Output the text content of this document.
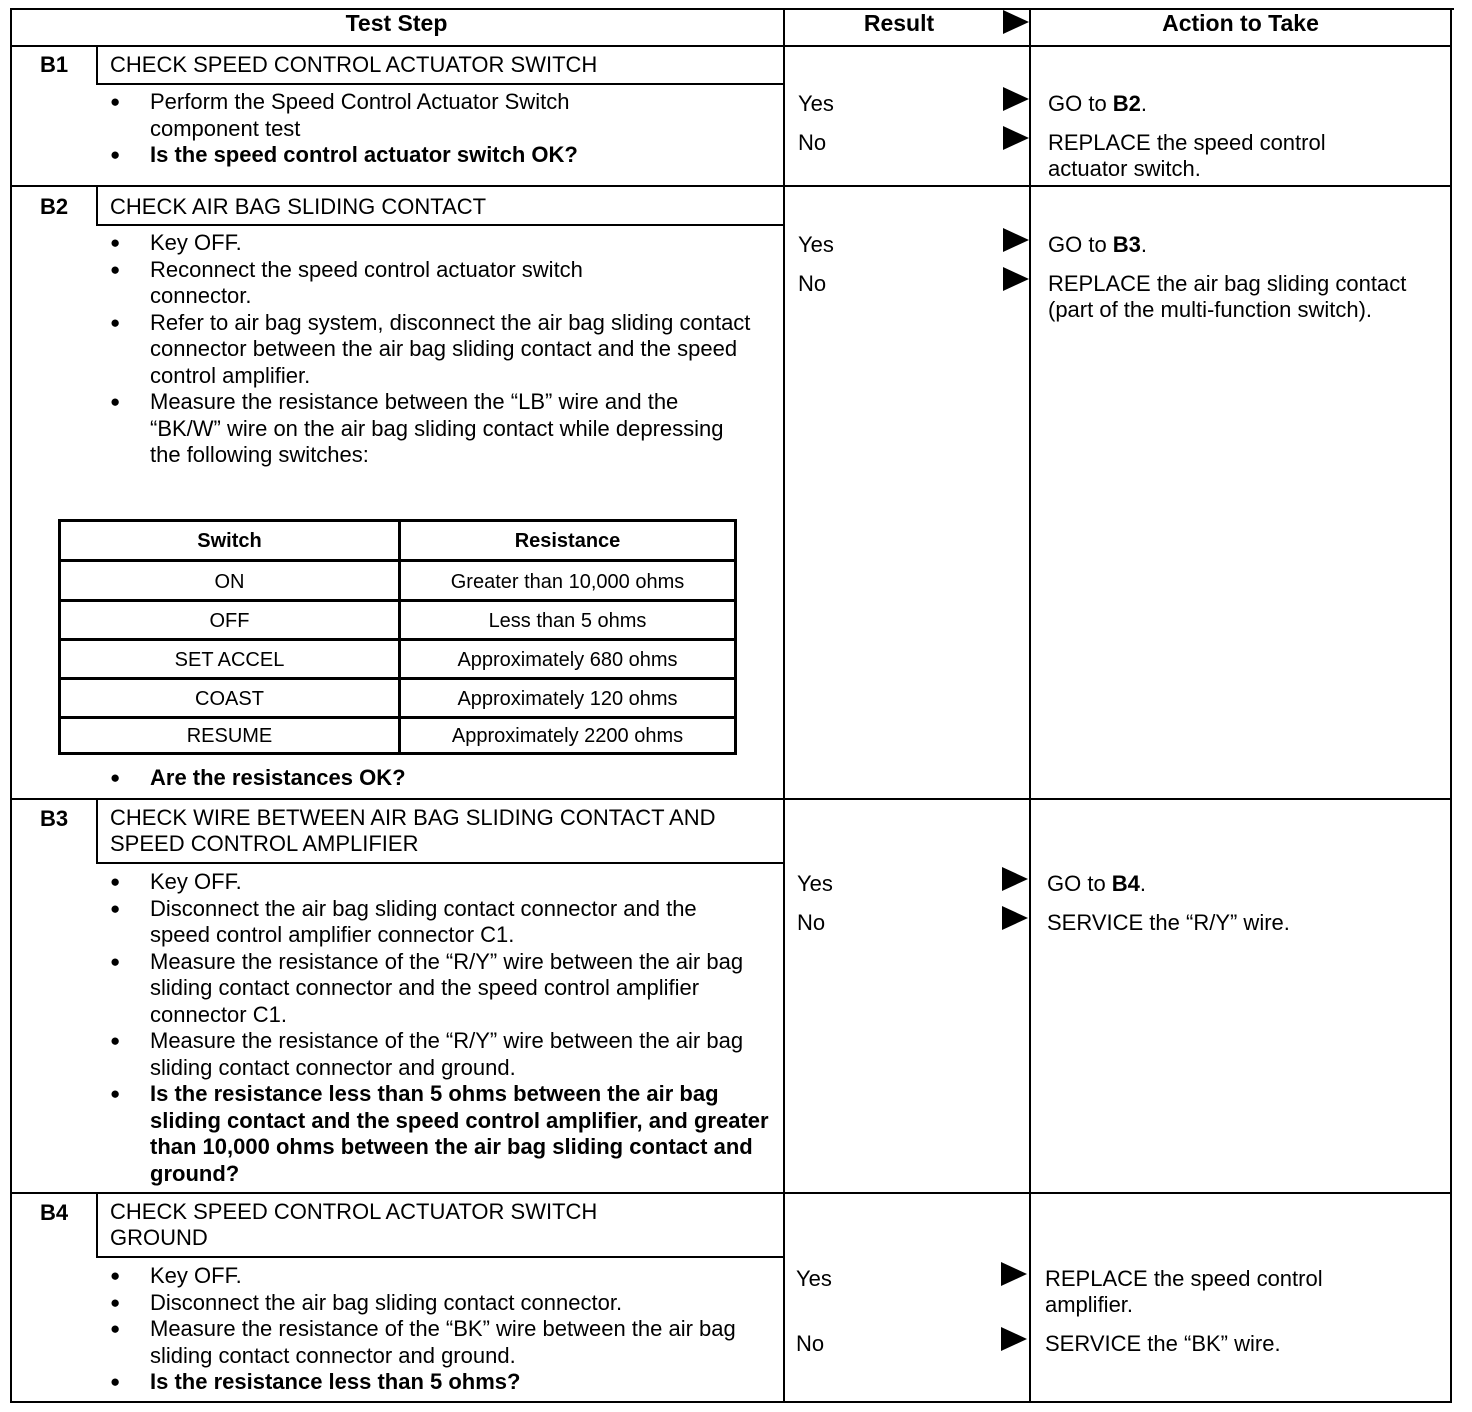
Test Step	Result	Action to Take
B1	CHECK SPEED CONTROL ACTUATOR SWITCH
● Perform the Speed Control Actuator Switch component test
● Is the speed control actuator switch OK?
Yes	GO to B2.
No	REPLACE the speed control actuator switch.
B2	CHECK AIR BAG SLIDING CONTACT
● Key OFF.
● Reconnect the speed control actuator switch connector.
● Refer to air bag system, disconnect the air bag sliding contact connector between the air bag sliding contact and the speed control amplifier.
● Measure the resistance between the “LB” wire and the “BK/W” wire on the air bag sliding contact while depressing the following switches:
Switch	Resistance
ON	Greater than 10,000 ohms
OFF	Less than 5 ohms
SET ACCEL	Approximately 680 ohms
COAST	Approximately 120 ohms
RESUME	Approximately 2200 ohms
● Are the resistances OK?
Yes	GO to B3.
No	REPLACE the air bag sliding contact (part of the multi-function switch).
B3	CHECK WIRE BETWEEN AIR BAG SLIDING CONTACT AND SPEED CONTROL AMPLIFIER
● Key OFF.
● Disconnect the air bag sliding contact connector and the speed control amplifier connector C1.
● Measure the resistance of the “R/Y” wire between the air bag sliding contact connector and the speed control amplifier connector C1.
● Measure the resistance of the “R/Y” wire between the air bag sliding contact connector and ground.
● Is the resistance less than 5 ohms between the air bag sliding contact and the speed control amplifier, and greater than 10,000 ohms between the air bag sliding contact and ground?
Yes	GO to B4.
No	SERVICE the “R/Y” wire.
B4	CHECK SPEED CONTROL ACTUATOR SWITCH GROUND
● Key OFF.
● Disconnect the air bag sliding contact connector.
● Measure the resistance of the “BK” wire between the air bag sliding contact connector and ground.
● Is the resistance less than 5 ohms?
Yes	REPLACE the speed control amplifier.
No	SERVICE the “BK” wire.
